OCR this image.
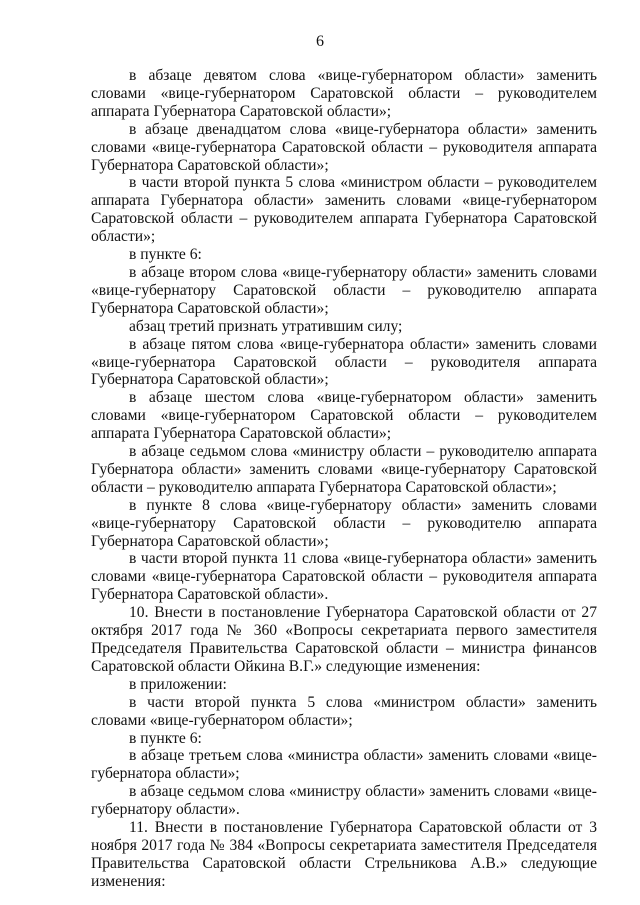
6

в абзаце девятом слова «вице-губернатором области» заменить словами «вице-губернатором Саратовской области – руководителем аппарата Губернатора Саратовской области»;

в абзаце двенадцатом слова «вице-губернатора области» заменить словами «вице-губернатора Саратовской области – руководителя аппарата Губернатора Саратовской области»;

в части второй пункта 5 слова «министром области – руководителем аппарата Губернатора области» заменить словами «вице-губернатором Саратовской области – руководителем аппарата Губернатора Саратовской области»;

в пункте 6:

в абзаце втором слова «вице-губернатору области» заменить словами «вице-губернатору Саратовской области – руководителю аппарата Губернатора Саратовской области»;

абзац третий признать утратившим силу;

в абзаце пятом слова «вице-губернатора области» заменить словами «вице-губернатора Саратовской области – руководителя аппарата Губернатора Саратовской области»;

в абзаце шестом слова «вице-губернатором области» заменить словами «вице-губернатором Саратовской области – руководителем аппарата Губернатора Саратовской области»;

в абзаце седьмом слова «министру области – руководителю аппарата Губернатора области» заменить словами «вице-губернатору Саратовской области – руководителю аппарата Губернатора Саратовской области»;

в пункте 8 слова «вице-губернатору области» заменить словами «вице-губернатору Саратовской области – руководителю аппарата Губернатора Саратовской области»;

в части второй пункта 11 слова «вице-губернатора области» заменить словами «вице-губернатора Саратовской области – руководителя аппарата Губернатора Саратовской области».

10. Внести в постановление Губернатора Саратовской области от 27 октября 2017 года № 360 «Вопросы секретариата первого заместителя Председателя Правительства Саратовской области – министра финансов Саратовской области Ойкина В.Г.» следующие изменения:

в приложении:

в части второй пункта 5 слова «министром области» заменить словами «вице-губернатором области»;

в пункте 6:

в абзаце третьем слова «министра области» заменить словами «вице-губернатора области»;

в абзаце седьмом слова «министру области» заменить словами «вице-губернатору области».

11. Внести в постановление Губернатора Саратовской области от 3 ноября 2017 года № 384 «Вопросы секретариата заместителя Председателя Правительства Саратовской области Стрельникова А.В.» следующие изменения:
